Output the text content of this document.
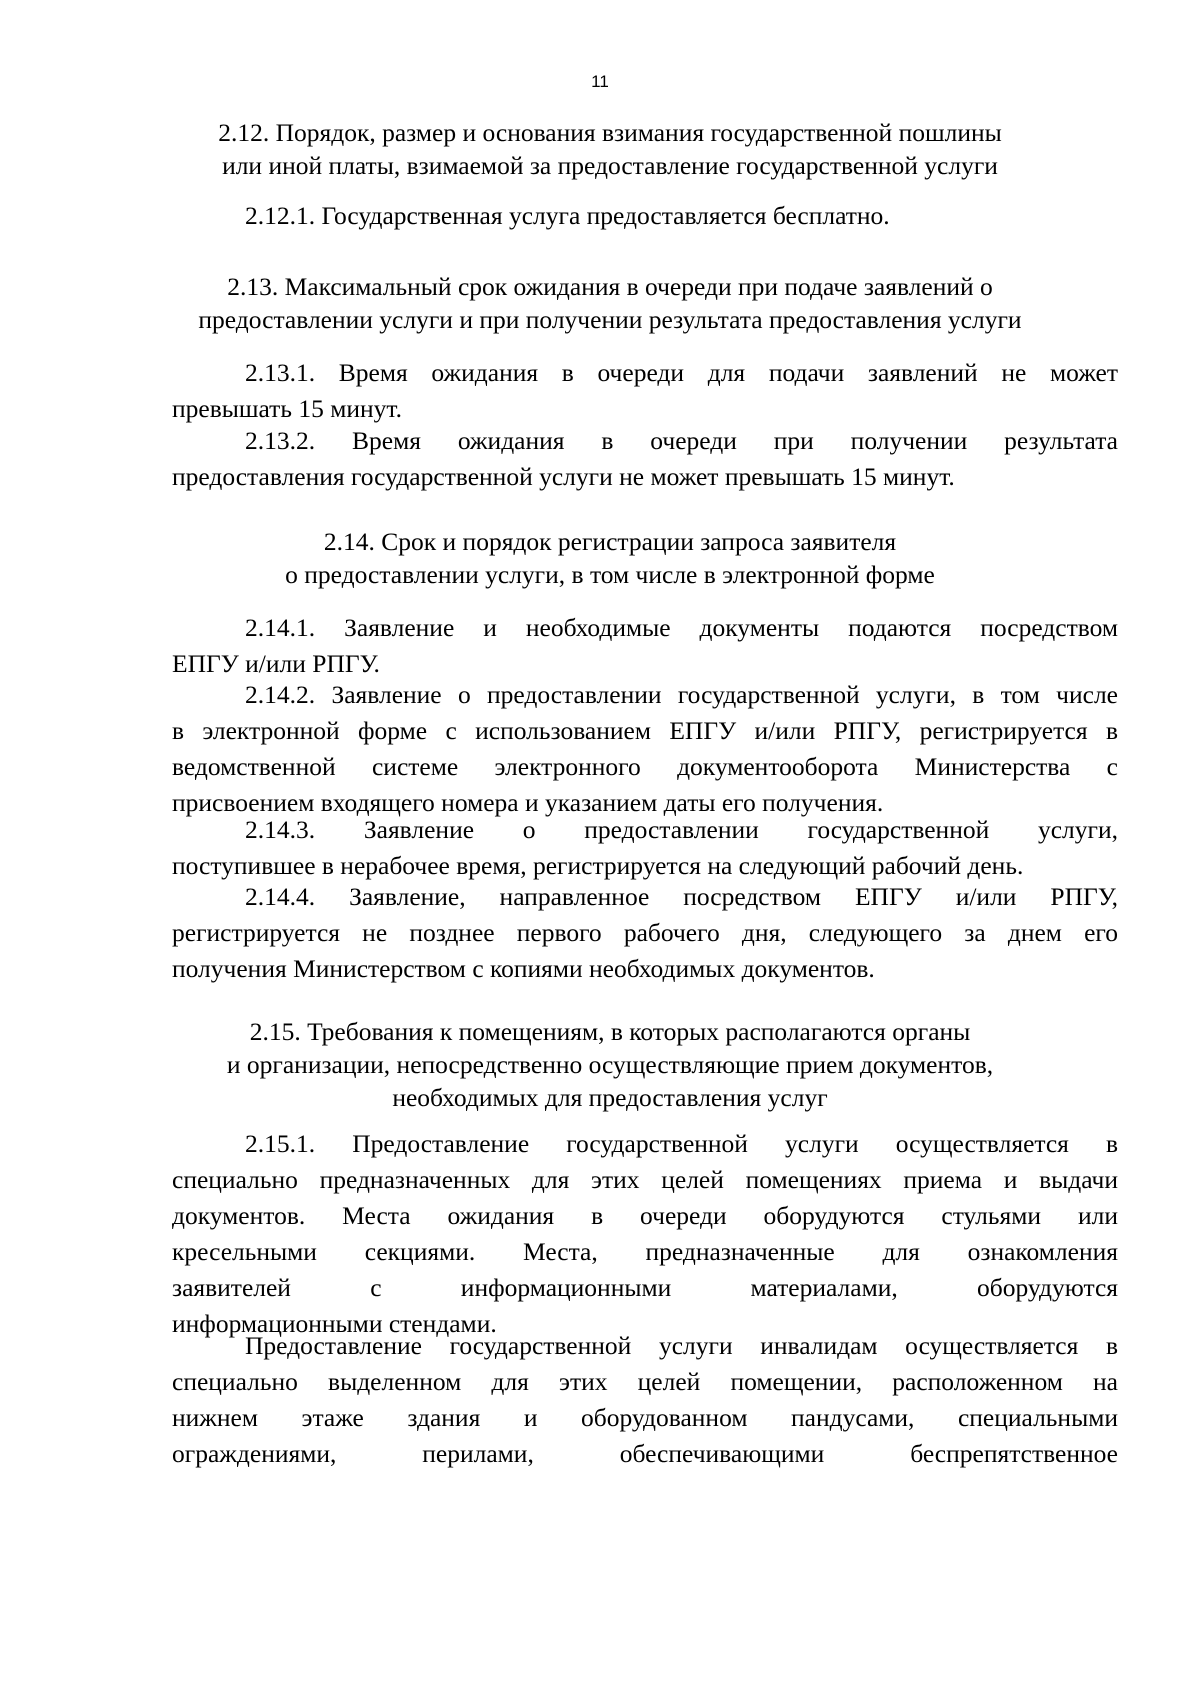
11
2.12. Порядок, размер и основания взимания государственной пошлины
или иной платы, взимаемой за предоставление государственной услуги
2.12.1. Государственная услуга предоставляется бесплатно.
2.13. Максимальный срок ожидания в очереди при подаче заявлений о
предоставлении услуги и при получении результата предоставления услуги
2.13.1. Время ожидания в очереди для подачи заявлений не может
превышать 15 минут.
2.13.2. Время ожидания в очереди при получении результата
предоставления государственной услуги не может превышать 15 минут.
2.14. Срок и порядок регистрации запроса заявителя
о предоставлении услуги, в том числе в электронной форме
2.14.1. Заявление и необходимые документы подаются посредством
ЕПГУ и/или РПГУ.
2.14.2. Заявление о предоставлении государственной услуги, в том числе
в электронной форме с использованием ЕПГУ и/или РПГУ, регистрируется в
ведомственной системе электронного документооборота Министерства с
присвоением входящего номера и указанием даты его получения.
2.14.3. Заявление о предоставлении государственной услуги,
поступившее в нерабочее время, регистрируется на следующий рабочий день.
2.14.4. Заявление, направленное посредством ЕПГУ и/или РПГУ,
регистрируется не позднее первого рабочего дня, следующего за днем его
получения Министерством с копиями необходимых документов.
2.15. Требования к помещениям, в которых располагаются органы
и организации, непосредственно осуществляющие прием документов,
необходимых для предоставления услуг
2.15.1. Предоставление государственной услуги осуществляется в
специально предназначенных для этих целей помещениях приема и выдачи
документов. Места ожидания в очереди оборудуются стульями или
кресельными секциями. Места, предназначенные для ознакомления
заявителей с информационными материалами, оборудуются
информационными стендами.
Предоставление государственной услуги инвалидам осуществляется в
специально выделенном для этих целей помещении, расположенном на
нижнем этаже здания и оборудованном пандусами, специальными
ограждениями, перилами, обеспечивающими беспрепятственное
